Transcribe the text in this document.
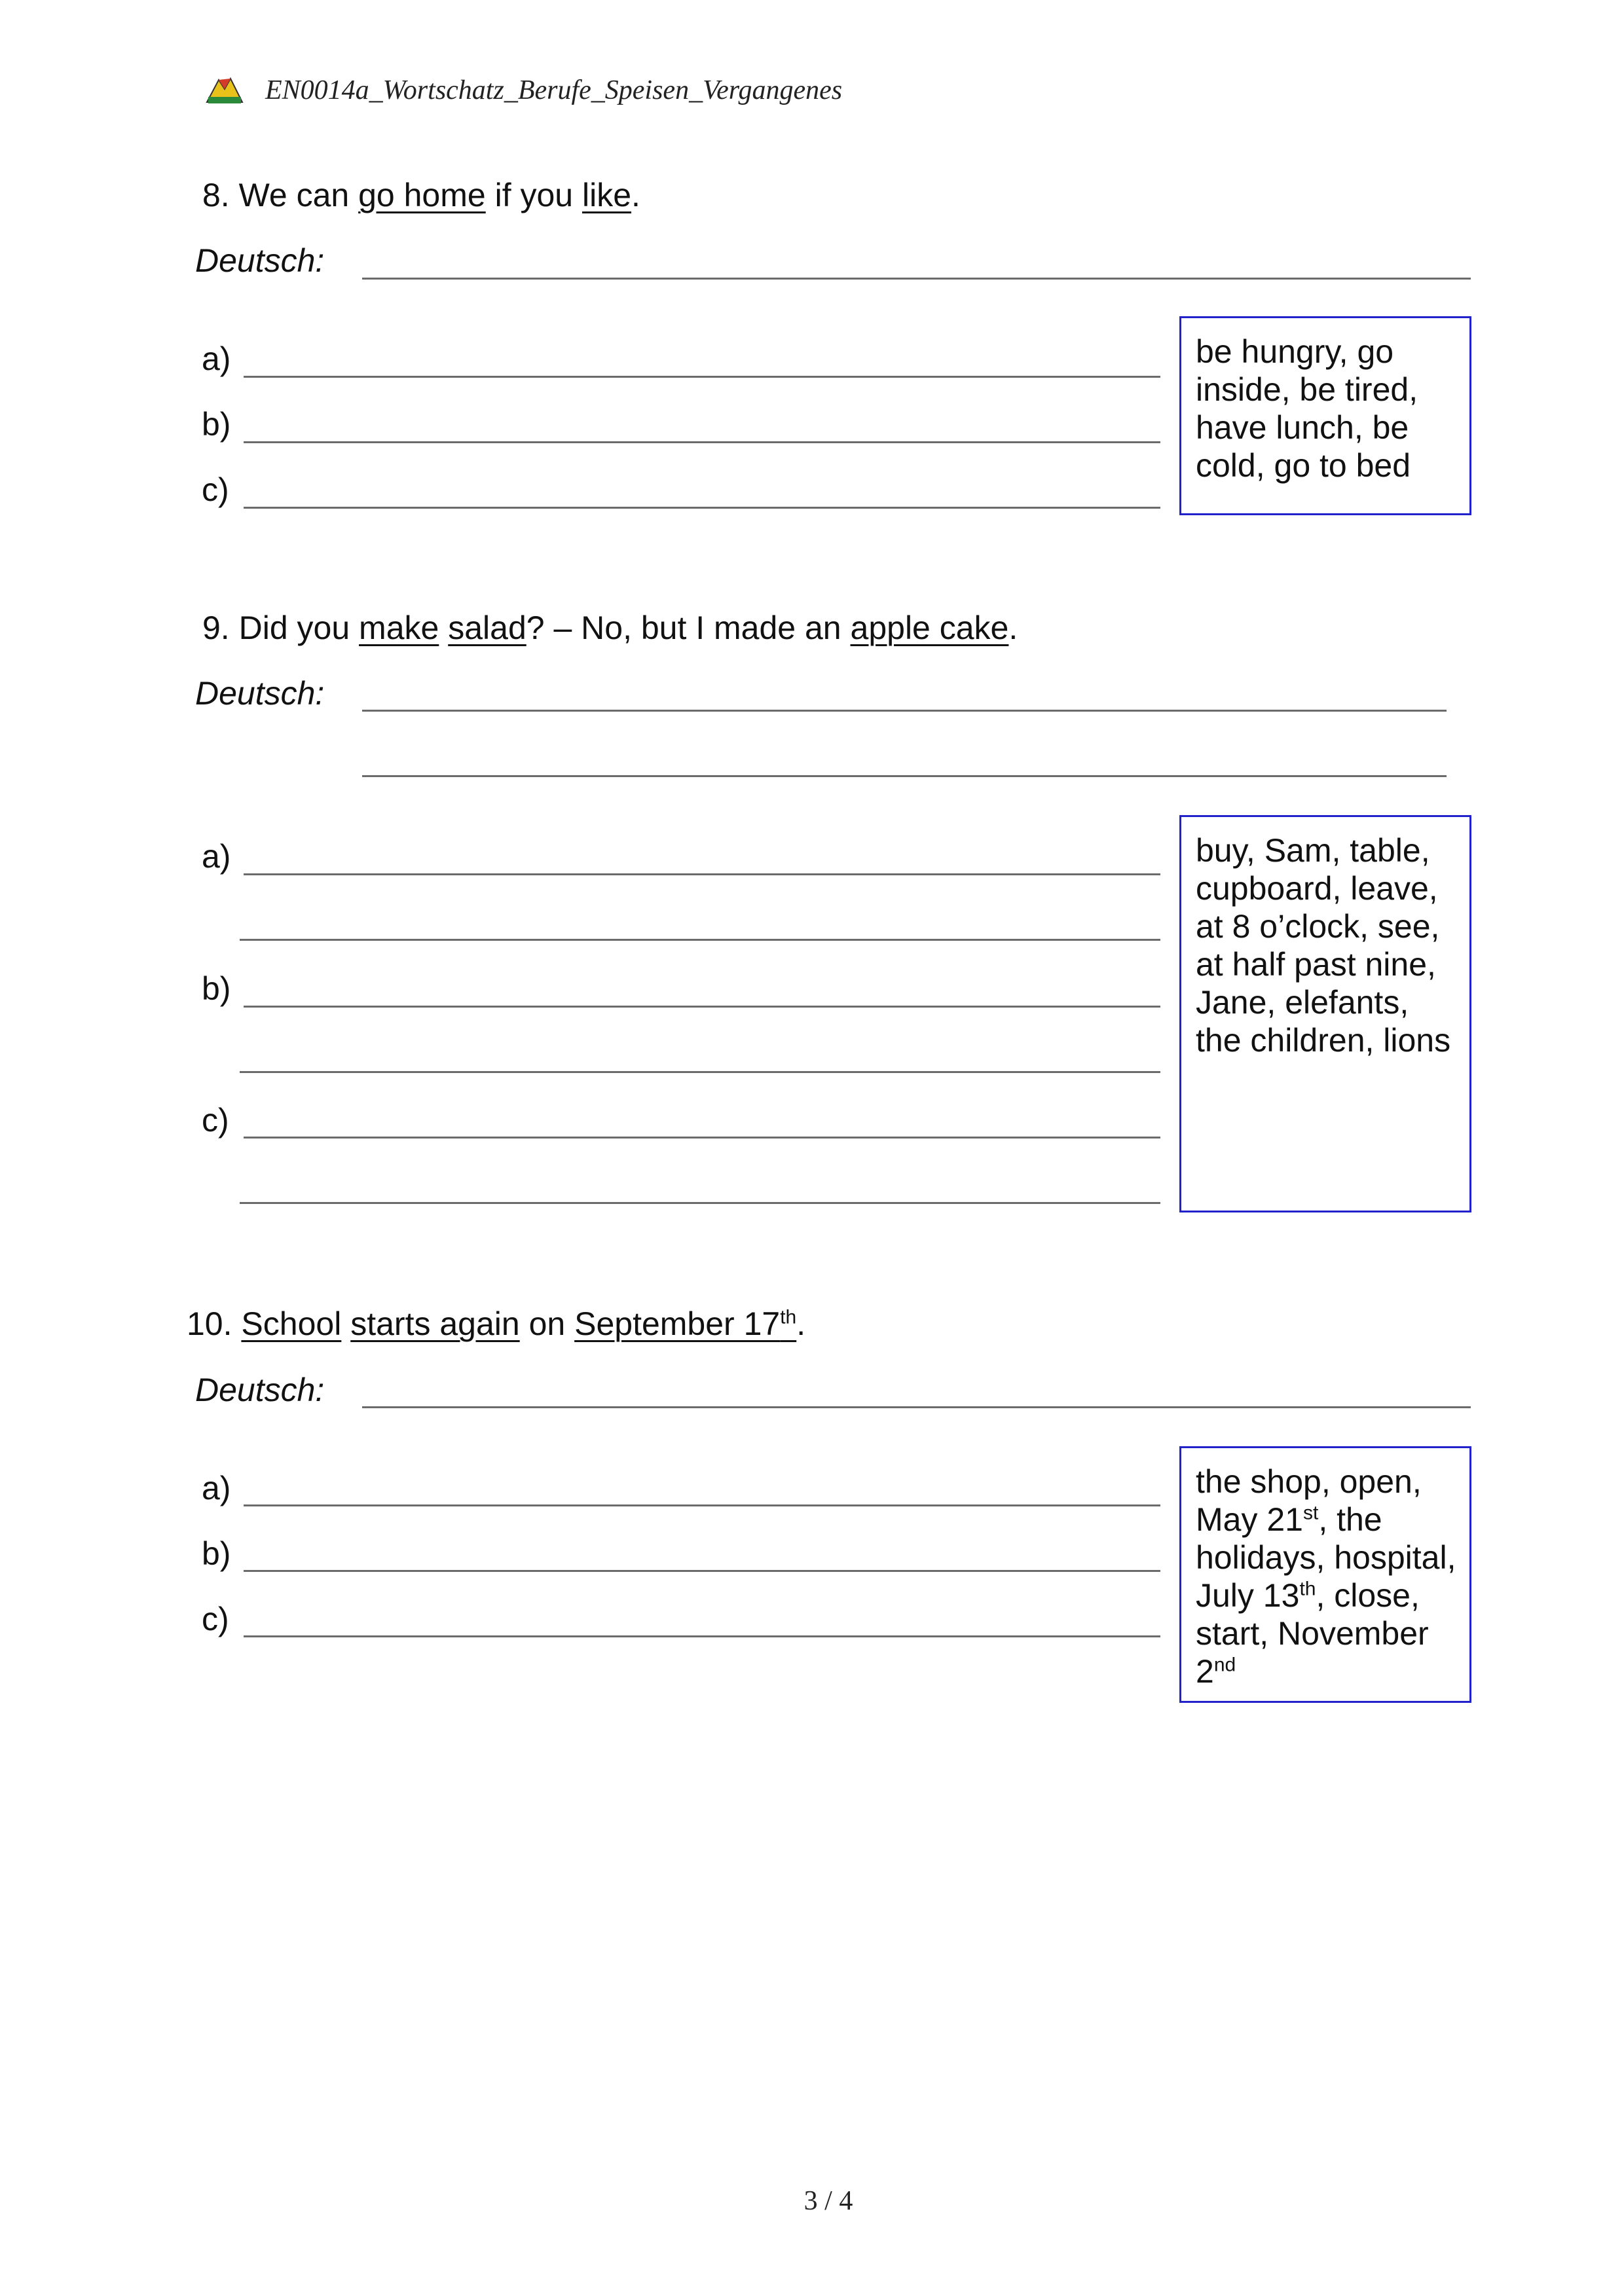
EN0014a_Wortschatz_Berufe_Speisen_Vergangenes
8. We can go home if you like.
Deutsch:
a)
b)
c)
be hungry, go inside, be tired, have lunch, be cold, go to bed
9. Did you make salad? – No, but I made an apple cake.
Deutsch:
a)
b)
c)
buy, Sam, table, cupboard, leave, at 8 o’clock, see, at half past nine, Jane, elefants, the children, lions
10. School starts again on September 17th.
Deutsch:
a)
b)
c)
the shop, open, May 21st, the holidays, hospital, July 13th, close, start, November 2nd
3 / 4
